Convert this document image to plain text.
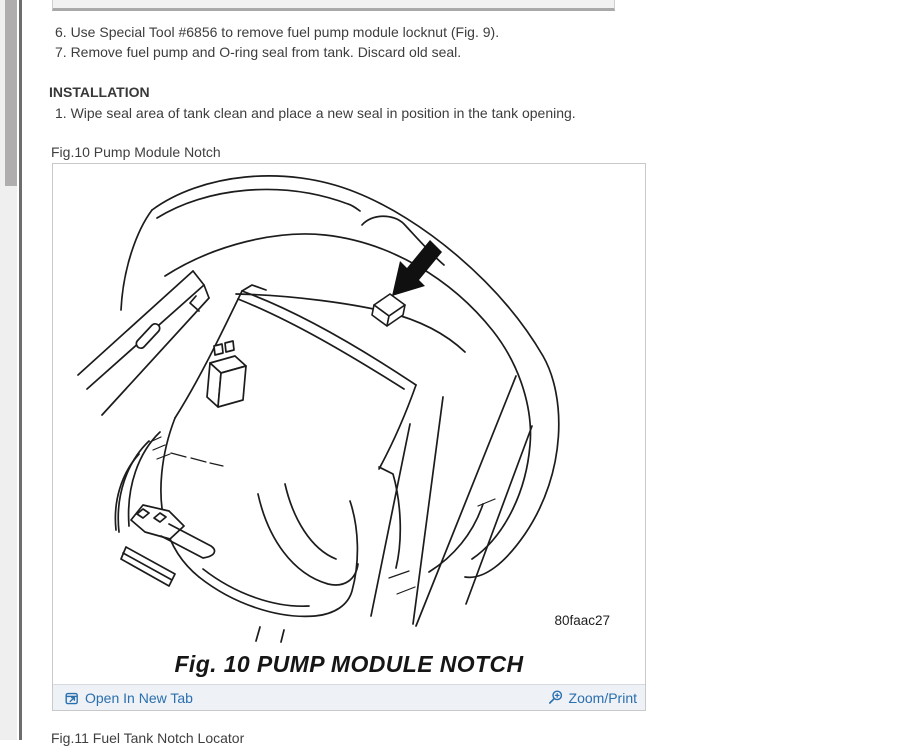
6. Use Special Tool #6856 to remove fuel pump module locknut (Fig. 9).
7. Remove fuel pump and O-ring seal from tank. Discard old seal.
INSTALLATION
1. Wipe seal area of tank clean and place a new seal in position in the tank opening.
Fig.10 Pump Module Notch
80faac27
Fig. 10 PUMP MODULE NOTCH
Open In New Tab	Zoom/Print
Fig.11 Fuel Tank Notch Locator
